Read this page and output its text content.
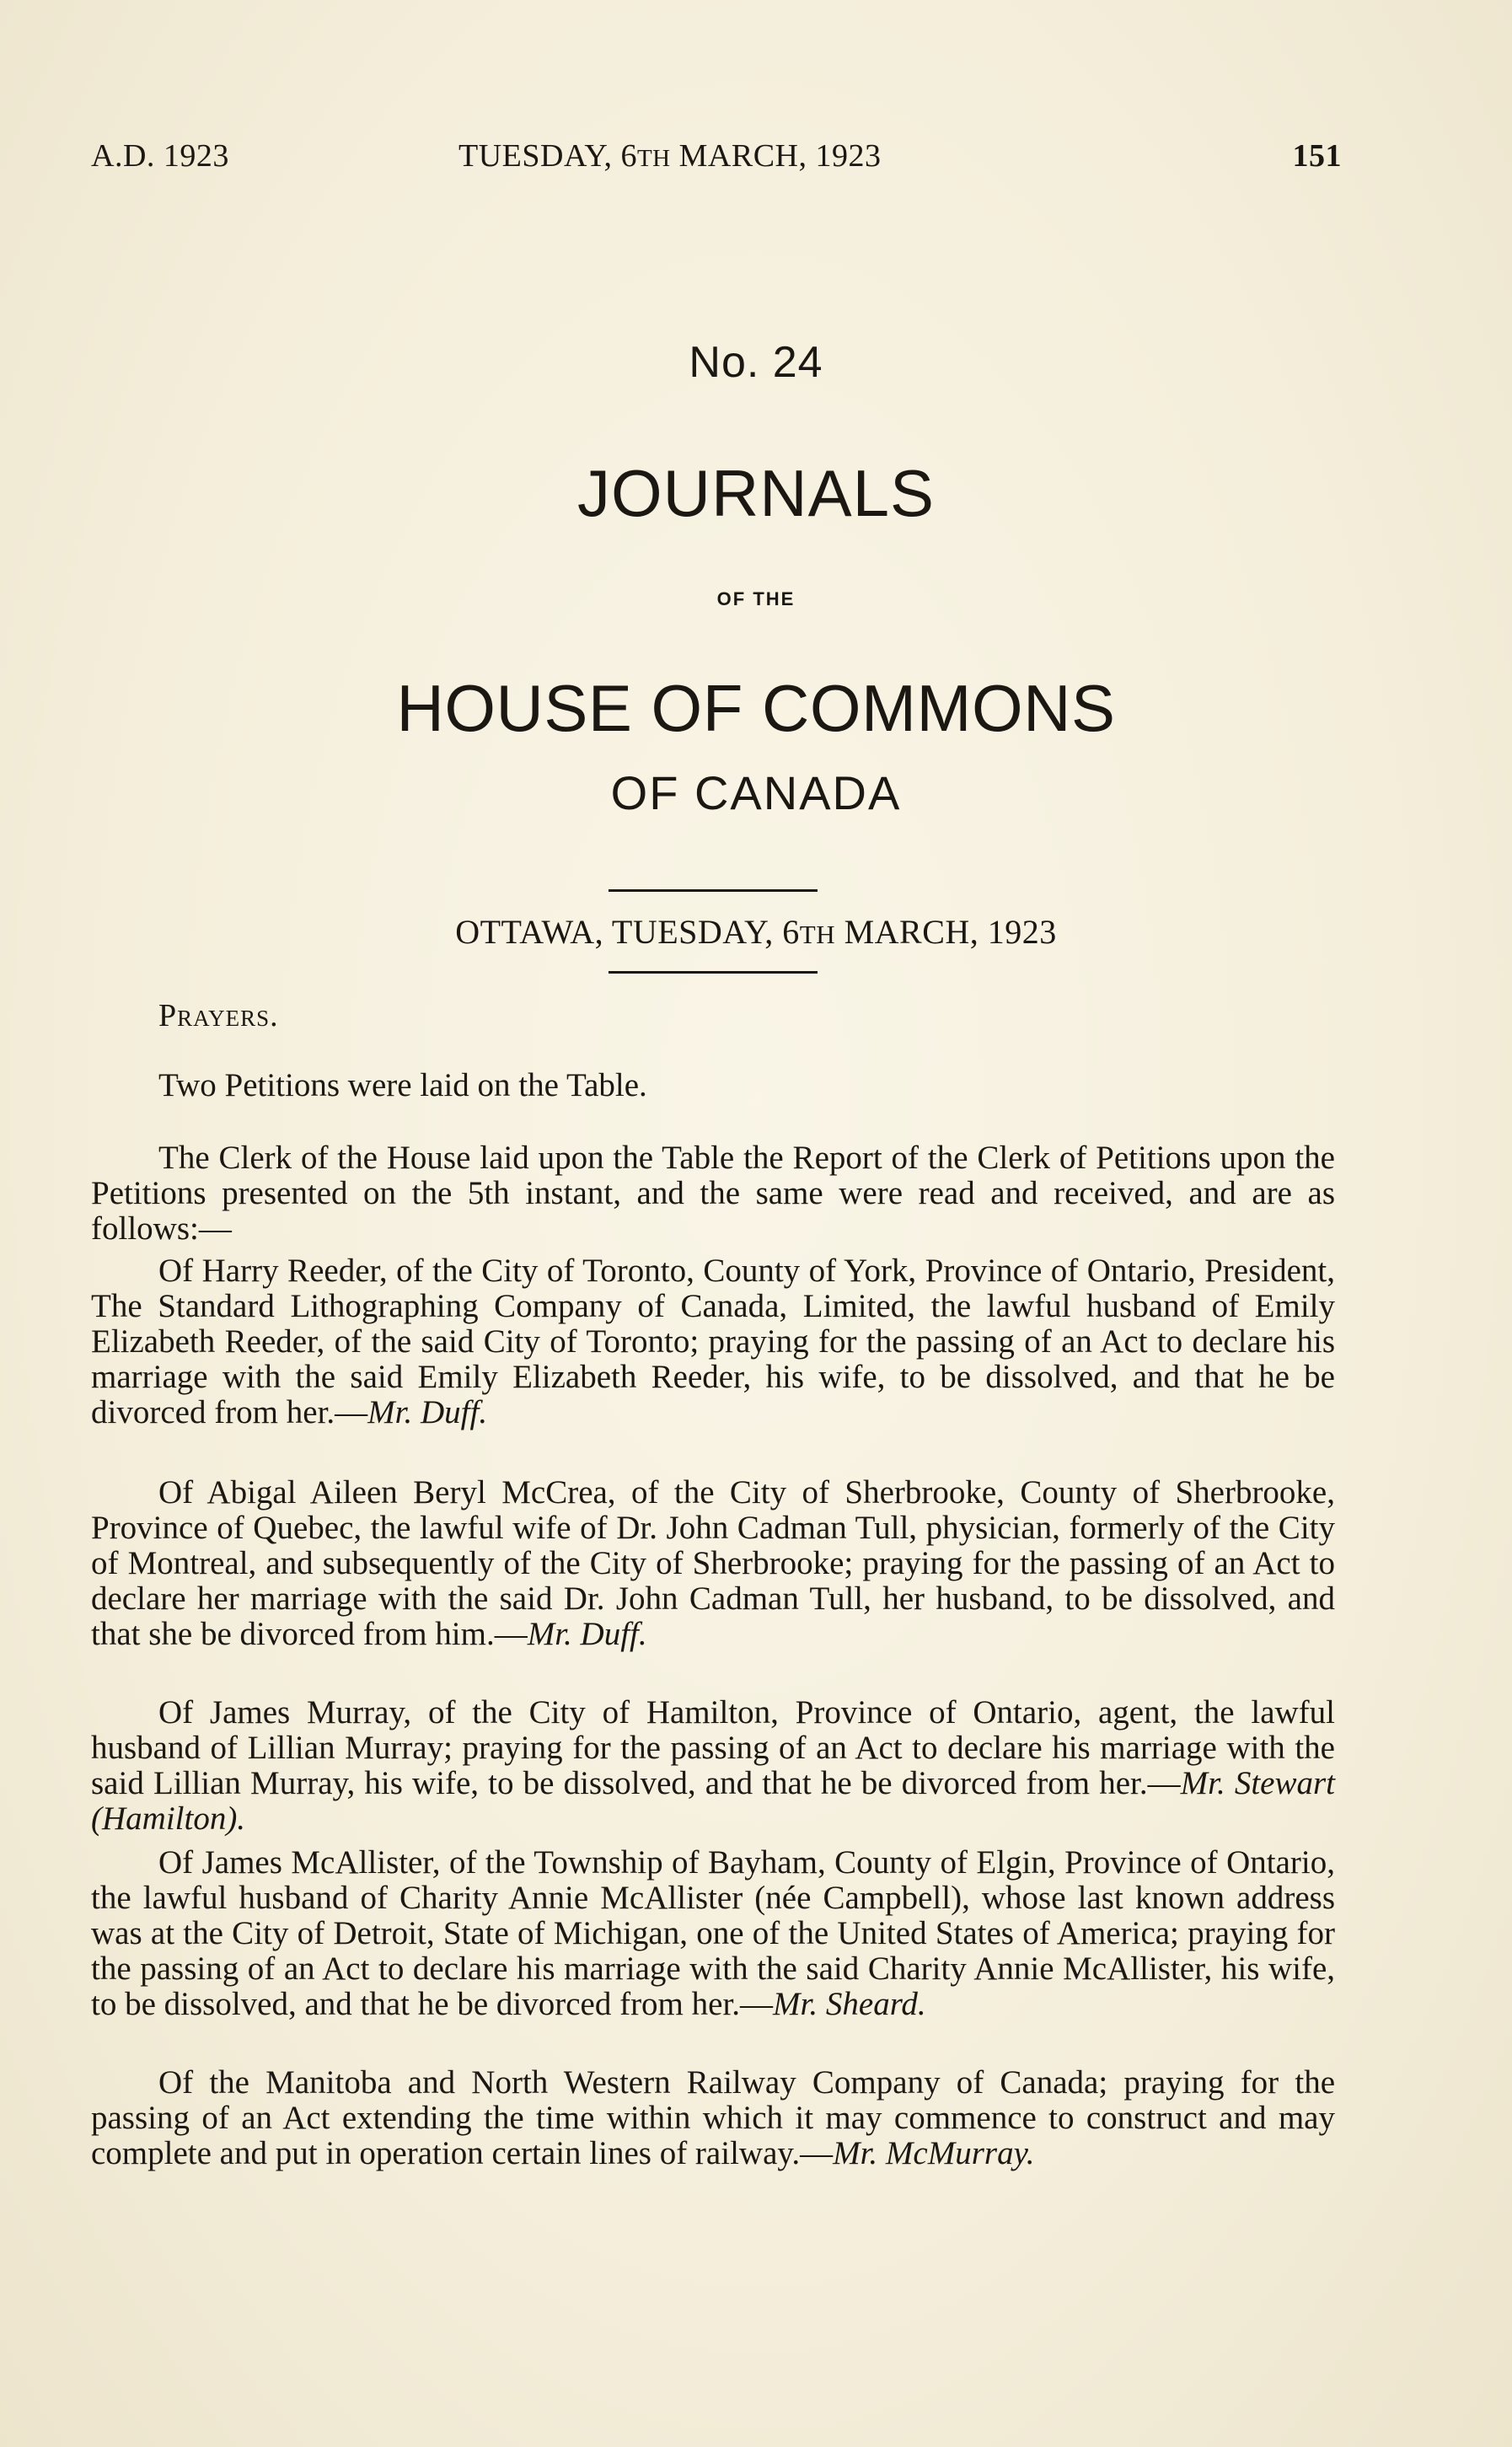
A.D. 1923	TUESDAY, 6TH MARCH, 1923	151
No. 24
JOURNALS
OF THE
HOUSE OF COMMONS
OF CANADA
OTTAWA, TUESDAY, 6TH MARCH, 1923
Prayers.

Two Petitions were laid on the Table.

The Clerk of the House laid upon the Table the Report of the Clerk of Petitions upon the Petitions presented on the 5th instant, and the same were read and received, and are as follows:—

Of Harry Reeder, of the City of Toronto, County of York, Province of Ontario, President, The Standard Lithographing Company of Canada, Limited, the lawful husband of Emily Elizabeth Reeder, of the said City of Toronto; praying for the passing of an Act to declare his marriage with the said Emily Elizabeth Reeder, his wife, to be dissolved, and that he be divorced from her.—Mr. Duff.

Of Abigal Aileen Beryl McCrea, of the City of Sherbrooke, County of Sherbrooke, Province of Quebec, the lawful wife of Dr. John Cadman Tull, physician, formerly of the City of Montreal, and subsequently of the City of Sherbrooke; praying for the passing of an Act to declare her marriage with the said Dr. John Cadman Tull, her husband, to be dissolved, and that she be divorced from him.—Mr. Duff.

Of James Murray, of the City of Hamilton, Province of Ontario, agent, the lawful husband of Lillian Murray; praying for the passing of an Act to declare his marriage with the said Lillian Murray, his wife, to be dissolved, and that he be divorced from her.—Mr. Stewart (Hamilton).

Of James McAllister, of the Township of Bayham, County of Elgin, Province of Ontario, the lawful husband of Charity Annie McAllister (née Campbell), whose last known address was at the City of Detroit, State of Michigan, one of the United States of America; praying for the passing of an Act to declare his marriage with the said Charity Annie McAllister, his wife, to be dissolved, and that he be divorced from her.—Mr. Sheard.

Of the Manitoba and North Western Railway Company of Canada; praying for the passing of an Act extending the time within which it may commence to construct and may complete and put in operation certain lines of railway.—Mr. McMurray.
